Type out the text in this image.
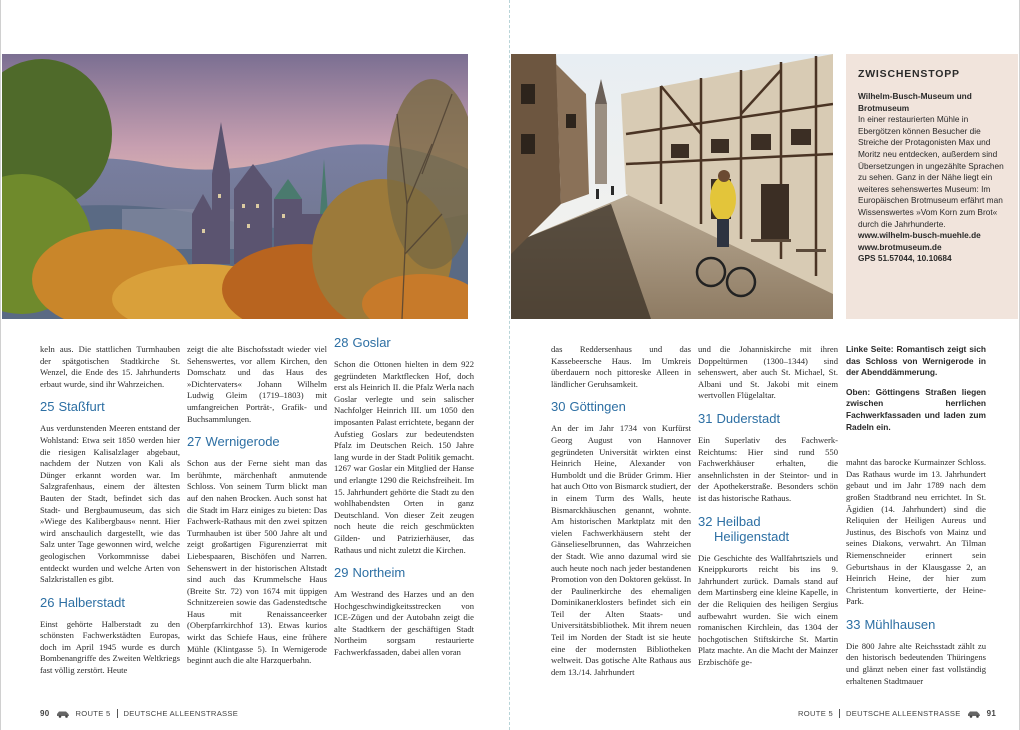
keln aus. Die stattlichen Turmhauben der spätgotischen Stadtkirche St. Wenzel, die Ende des 15. Jahrhunderts erbaut wurde, sind ihr Wahrzeichen.

25 Staßfurt

Aus verdunstenden Meeren entstand der Wohlstand: Etwa seit 1850 werden hier die riesigen Kalisalzlager abgebaut, nachdem der Nutzen von Kali als Dünger erkannt worden war. Im Salzgrafenhaus, einem der ältesten Bauten der Stadt, befindet sich das Stadt- und Bergbaumuseum, das sich »Wiege des Kalibergbaus« nennt. Hier wird anschaulich dargestellt, wie das Salz unter Tage gewonnen wird, welche geologischen Vorkommnisse dabei entdeckt wurden und welche Arten von Salzkristallen es gibt.

26 Halberstadt

Einst gehörte Halberstadt zu den schönsten Fachwerkstädten Europas, doch im April 1945 wurde es durch Bombenangriffe des Zweiten Weltkriegs fast völlig zerstört. Heute

zeigt die alte Bischofsstadt wieder viel Sehenswertes, vor allem Kirchen, den Domschatz und das Haus des »Dichtervaters« Johann Wilhelm Ludwig Gleim (1719–1803) mit umfangreichen Porträt-, Grafik- und Buchsammlungen.

27 Wernigerode

Schon aus der Ferne sieht man das berühmte, märchenhaft anmutende Schloss. Von seinem Turm blickt man auf den nahen Brocken. Auch sonst hat die Stadt im Harz einiges zu bieten: Das Fachwerk-Rathaus mit den zwei spitzen Turmhauben ist über 500 Jahre alt und zeigt großartigen Figurenzierrat mit Liebespaaren, Bischöfen und Narren. Sehenswert in der historischen Altstadt sind auch das Krummelsche Haus (Breite Str. 72) von 1674 mit üppigen Schnitzereien sowie das Gadenstedtsche Haus mit Renaissanceerker (Oberpfarrkirchhof 13). Etwas kurios wirkt das Schiefe Haus, eine frühere Mühle (Klintgasse 5). In Wernigerode beginnt auch die alte Harzquerbahn.

28 Goslar

Schon die Ottonen hielten in dem 922 gegründeten Marktflecken Hof, doch erst als Heinrich II. die Pfalz Werla nach Goslar verlegte und sein salischer Nachfolger Heinrich III. um 1050 den imposanten Palast errichtete, begann der Aufstieg Goslars zur bedeutendsten Pfalz im Deutschen Reich. 150 Jahre lang wurde in der Stadt Politik gemacht. 1267 war Goslar ein Mitglied der Hanse und erlangte 1290 die Reichsfreiheit. Im 15. Jahrhundert gehörte die Stadt zu den wohlhabendsten Orten in ganz Deutschland. Von dieser Zeit zeugen noch heute die reich geschmückten Gilden- und Patrizierhäuser, das Rathaus und nicht zuletzt die Kirchen.

29 Northeim

Am Westrand des Harzes und an den Hochgeschwindigkeitsstrecken von ICE-Zügen und der Autobahn zeigt die alte Stadtkern der geschäftigen Stadt Northeim sorgsam restaurierte Fachwerkfassaden, dabei allen voran

90	ROUTE 5 DEUTSCHE ALLEENSTRASSE
ZWISCHENSTOPP
Wilhelm-Busch-Museum und Brotmuseum
In einer restaurierten Mühle in Ebergötzen können Besucher die Streiche der Protagonisten Max und Moritz neu entdecken, außerdem sind Übersetzungen in ungezählte Sprachen zu sehen. Ganz in der Nähe liegt ein weiteres sehenswertes Museum: Im Europäischen Brotmuseum erfährt man Wissenswertes »Vom Korn zum Brot« durch die Jahrhunderte.
www.wilhelm-busch-muehle.de
www.brotmuseum.de
GPS 51.57044, 10.10684

das Reddersenhaus und das Kassebeersche Haus. Im Umkreis überdauern noch pittoreske Alleen in ländlicher Geruhsamkeit.

30 Göttingen

An der im Jahr 1734 von Kurfürst Georg August von Hannover gegründeten Universität wirkten einst Heinrich Heine, Alexander von Humboldt und die Brüder Grimm. Hier hat auch Otto von Bismarck studiert, der in einem Turm des Walls, heute Bismarckhäuschen genannt, wohnte. Am historischen Marktplatz mit den vielen Fachwerkhäusern steht der Gänselieselbrunnen, das Wahrzeichen der Stadt. Wie anno dazumal wird sie auch heute noch nach jeder bestandenen Promotion von den Doktoren geküsst. In der Paulinerkirche des ehemaligen Dominikanerklosters befindet sich ein Teil der Alten Staats- und Universitätsbibliothek. Mit ihrem neuen Teil im Norden der Stadt ist sie heute eine der modernsten Bibliotheken weltweit. Das gotische Alte Rathaus aus dem 13./14. Jahrhundert

und die Johanniskirche mit ihren Doppeltürmen (1300–1344) sind sehenswert, aber auch St. Michael, St. Albani und St. Jakobi mit einem wertvollen Flügelaltar.

31 Duderstadt

Ein Superlativ des Fachwerk-Reichtums: Hier sind rund 550 Fachwerkhäuser erhalten, die ansehnlichsten in der Steintor- und in der Apothekerstraße. Besonders schön ist das historische Rathaus.

32 Heilbad
Heiligenstadt

Die Geschichte des Wallfahrtsziels und Kneippkurorts reicht bis ins 9. Jahrhundert zurück. Damals stand auf dem Martinsberg eine kleine Kapelle, in der die Reliquien des heiligen Sergius aufbewahrt wurden. Sie wich einem romanischen Kirchlein, das 1304 der hochgotischen Stiftskirche St. Martin Platz machte. An die Macht der Mainzer Erzbischöfe ge-

Linke Seite: Romantisch zeigt sich das Schloss von Wernigerode in der Abenddämmerung.
Oben: Göttingens Straßen liegen zwischen herrlichen Fachwerkfassaden und laden zum Radeln ein.

mahnt das barocke Kurmainzer Schloss. Das Rathaus wurde im 13. Jahrhundert gebaut und im Jahr 1789 nach dem großen Stadtbrand neu errichtet. In St. Ägidien (14. Jahrhundert) sind die Reliquien der Heiligen Aureus und Justinus, des Bischofs von Mainz und seines Diakons, verwahrt. An Tilman Riemenschneider erinnert sein Geburtshaus in der Klausgasse 2, an Heinrich Heine, der hier zum Christentum konvertierte, der Heine-Park.

33 Mühlhausen

Die 800 Jahre alte Reichsstadt zählt zu den historisch bedeutenden Thüringens und glänzt neben einer fast vollständig erhaltenen Stadtmauer

ROUTE 5 DEUTSCHE ALLEENSTRASSE	91
